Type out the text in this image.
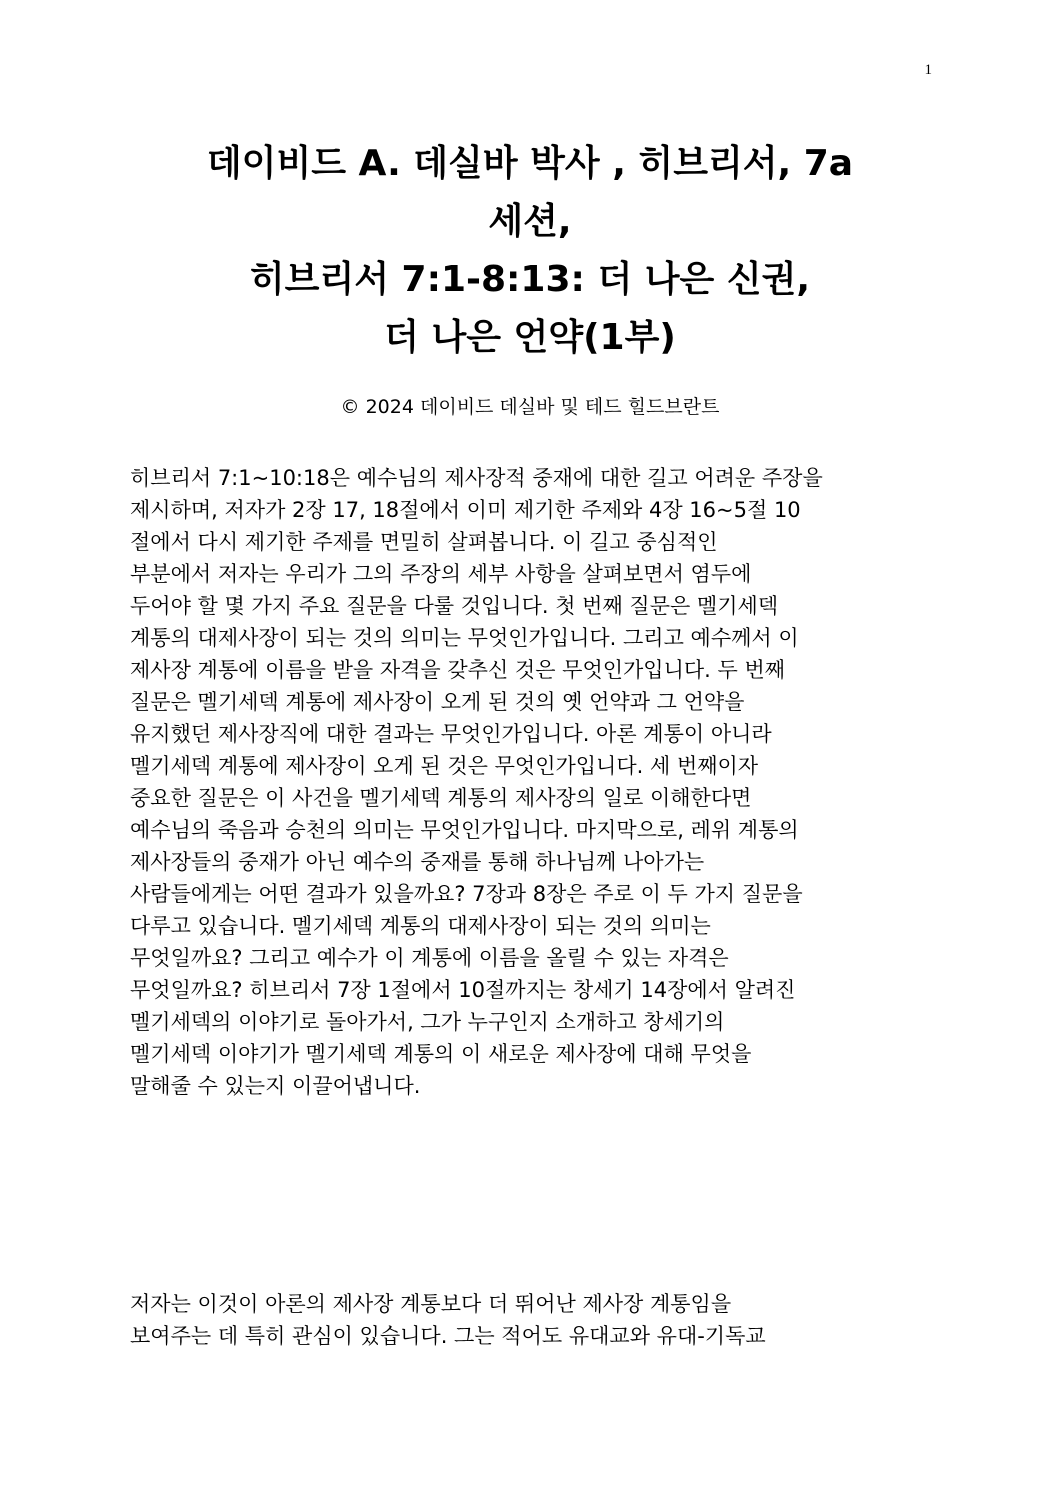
1
데이비드 A. 데실바 박사 , 히브리서, 7a
세션,
히브리서 7:1-8:13: 더 나은 신권,
더 나은 언약(1부)
© 2024 데이비드 데실바 및 테드 힐드브란트
히브리서 7:1~10:18은 예수님의 제사장적 중재에 대한 길고 어려운 주장을
제시하며, 저자가 2장 17, 18절에서 이미 제기한 주제와 4장 16~5절 10
절에서 다시 제기한 주제를 면밀히 살펴봅니다. 이 길고 중심적인
부분에서 저자는 우리가 그의 주장의 세부 사항을 살펴보면서 염두에
두어야 할 몇 가지 주요 질문을 다룰 것입니다. 첫 번째 질문은 멜기세덱
계통의 대제사장이 되는 것의 의미는 무엇인가입니다. 그리고 예수께서 이
제사장 계통에 이름을 받을 자격을 갖추신 것은 무엇인가입니다. 두 번째
질문은 멜기세덱 계통에 제사장이 오게 된 것의 옛 언약과 그 언약을
유지했던 제사장직에 대한 결과는 무엇인가입니다. 아론 계통이 아니라
멜기세덱 계통에 제사장이 오게 된 것은 무엇인가입니다. 세 번째이자
중요한 질문은 이 사건을 멜기세덱 계통의 제사장의 일로 이해한다면
예수님의 죽음과 승천의 의미는 무엇인가입니다. 마지막으로, 레위 계통의
제사장들의 중재가 아닌 예수의 중재를 통해 하나님께 나아가는
사람들에게는 어떤 결과가 있을까요? 7장과 8장은 주로 이 두 가지 질문을
다루고 있습니다. 멜기세덱 계통의 대제사장이 되는 것의 의미는
무엇일까요? 그리고 예수가 이 계통에 이름을 올릴 수 있는 자격은
무엇일까요? 히브리서 7장 1절에서 10절까지는 창세기 14장에서 알려진
멜기세덱의 이야기로 돌아가서, 그가 누구인지 소개하고 창세기의
멜기세덱 이야기가 멜기세덱 계통의 이 새로운 제사장에 대해 무엇을
말해줄 수 있는지 이끌어냅니다.
저자는 이것이 아론의 제사장 계통보다 더 뛰어난 제사장 계통임을
보여주는 데 특히 관심이 있습니다. 그는 적어도 유대교와 유대-기독교
